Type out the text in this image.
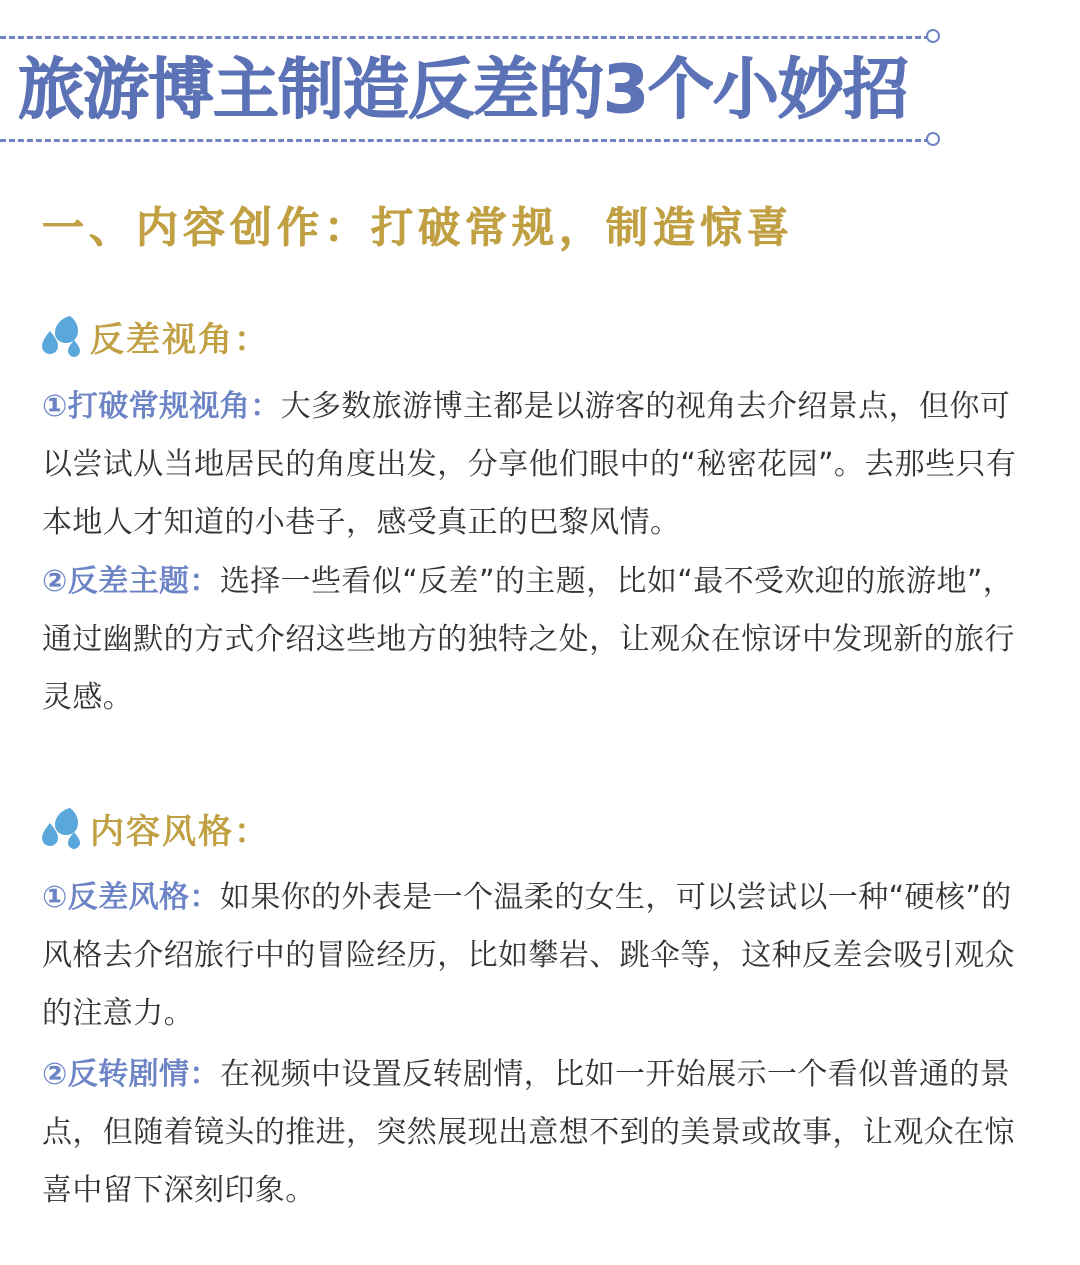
旅游博主制造反差的3个小妙招
一、内容创作：打破常规，制造惊喜
反差视角：

①打破常规视角：大多数旅游博主都是以游客的视角去介绍景点，但你可以尝试从当地居民的角度出发，分享他们眼中的“秘密花园”。去那些只有本地人才知道的小巷子，感受真正的巴黎风情。

②反差主题：选择一些看似“反差”的主题，比如“最不受欢迎的旅游地”，通过幽默的方式介绍这些地方的独特之处，让观众在惊讶中发现新的旅行灵感。

内容风格：

①反差风格：如果你的外表是一个温柔的女生，可以尝试以一种“硬核”的风格去介绍旅行中的冒险经历，比如攀岩、跳伞等，这种反差会吸引观众的注意力。

②反转剧情：在视频中设置反转剧情，比如一开始展示一个看似普通的景点，但随着镜头的推进，突然展现出意想不到的美景或故事，让观众在惊喜中留下深刻印象。
